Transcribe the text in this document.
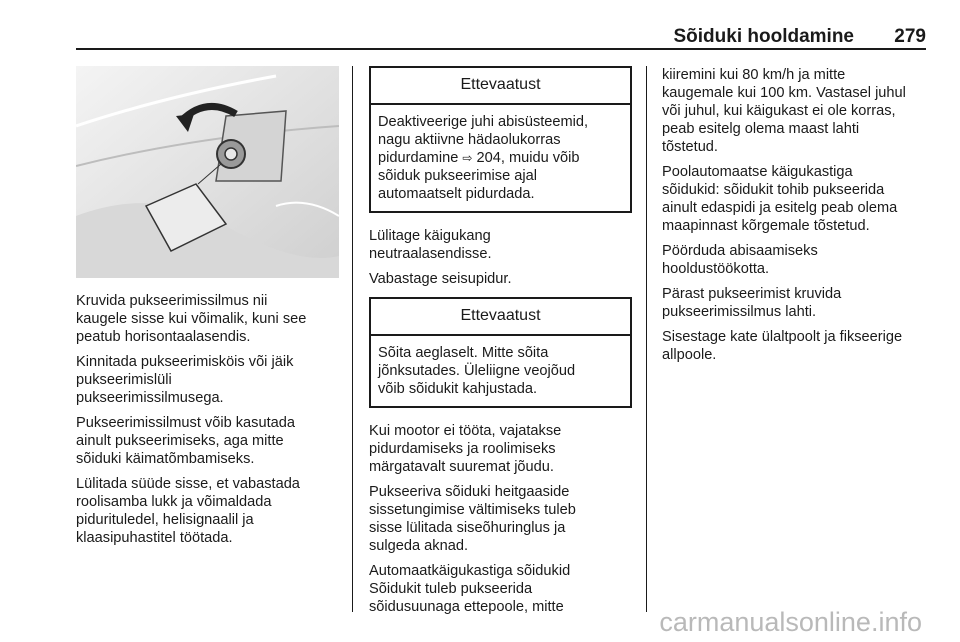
Sõiduki hooldamine 279

Kruvida pukseerimissilmus nii
kaugele sisse kui võimalik, kuni see
peatub horisontaalasendis.

Kinnitada pukseerimisköis või jäik
pukseerimislüli
pukseerimissilmusega.

Pukseerimissilmust võib kasutada
ainult pukseerimiseks, aga mitte
sõiduki käimatõmbamiseks.

Lülitada süüde sisse, et vabastada
roolisamba lukk ja võimaldada
pidurituledel, helisignaalil ja
klaasipuhastitel töötada.

Ettevaatust
Deaktiveerige juhi abisüsteemid,
nagu aktiivne hädaolukorras
pidurdamine ⇨ 204, muidu võib
sõiduk pukseerimise ajal
automaatselt pidurdada.

Lülitage käigukang
neutraalasendisse.

Vabastage seisupidur.

Ettevaatust
Sõita aeglaselt. Mitte sõita
jõnksutades. Üleliigne veojõud
võib sõidukit kahjustada.

Kui mootor ei tööta, vajatakse
pidurdamiseks ja roolimiseks
märgatavalt suuremat jõudu.

Pukseeriva sõiduki heitgaaside
sissetungimise vältimiseks tuleb
sisse lülitada siseõhuringlus ja
sulgeda aknad.

Automaatkäigukastiga sõidukid
Sõidukit tuleb pukseerida
sõidusuunaga ettepoole, mitte

kiiremini kui 80 km/h ja mitte
kaugemale kui 100 km. Vastasel juhul
või juhul, kui käigukast ei ole korras,
peab esitelg olema maast lahti
tõstetud.

Poolautomaatse käigukastiga
sõidukid: sõidukit tohib pukseerida
ainult edaspidi ja esitelg peab olema
maapinnast kõrgemale tõstetud.

Pöörduda abisaamiseks
hooldustöökotta.

Pärast pukseerimist kruvida
pukseerimissilmus lahti.

Sisestage kate ülaltpoolt ja fikseerige
allpoole.

carmanualsonline.info
